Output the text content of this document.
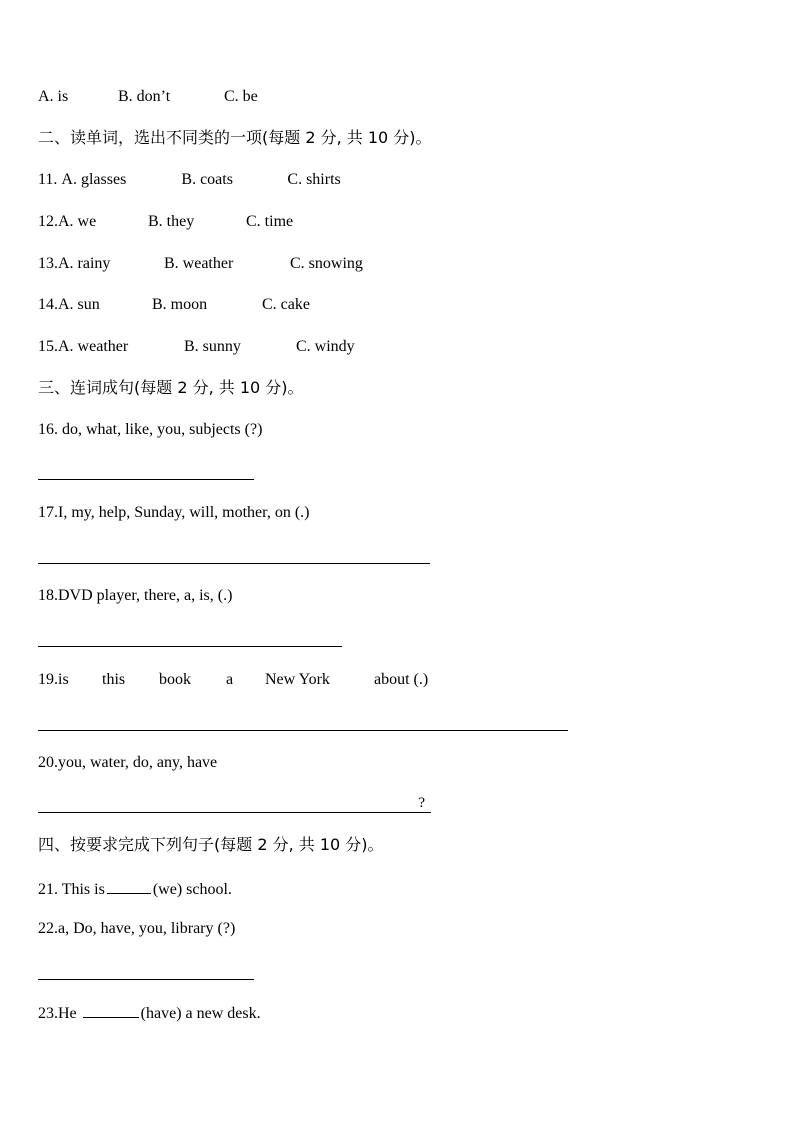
A. is	B. don’t	C. be
二、读单词，选出不同类的一项(每题 2 分, 共 10 分)。
11. A. glasses	B. coats	C. shirts
12.A. we	B. they	C. time
13.A. rainy	B. weather	C. snowing
14.A. sun	B. moon	C. cake
15.A. weather	B. sunny	C. windy
三、连词成句(每题 2 分, 共 10 分)。
16. do, what, like, you, subjects (?)
17.I, my, help, Sunday, will, mother, on (.)
18.DVD player, there, a, is, (.)
19.is this book a New York	about (.)
20.you, water, do, any, have
?
四、按要求完成下列句子(每题 2 分, 共 10 分)。
21. This is	(we) school.
22.a, Do, have, you, library (?)
23.He	(have) a new desk.
